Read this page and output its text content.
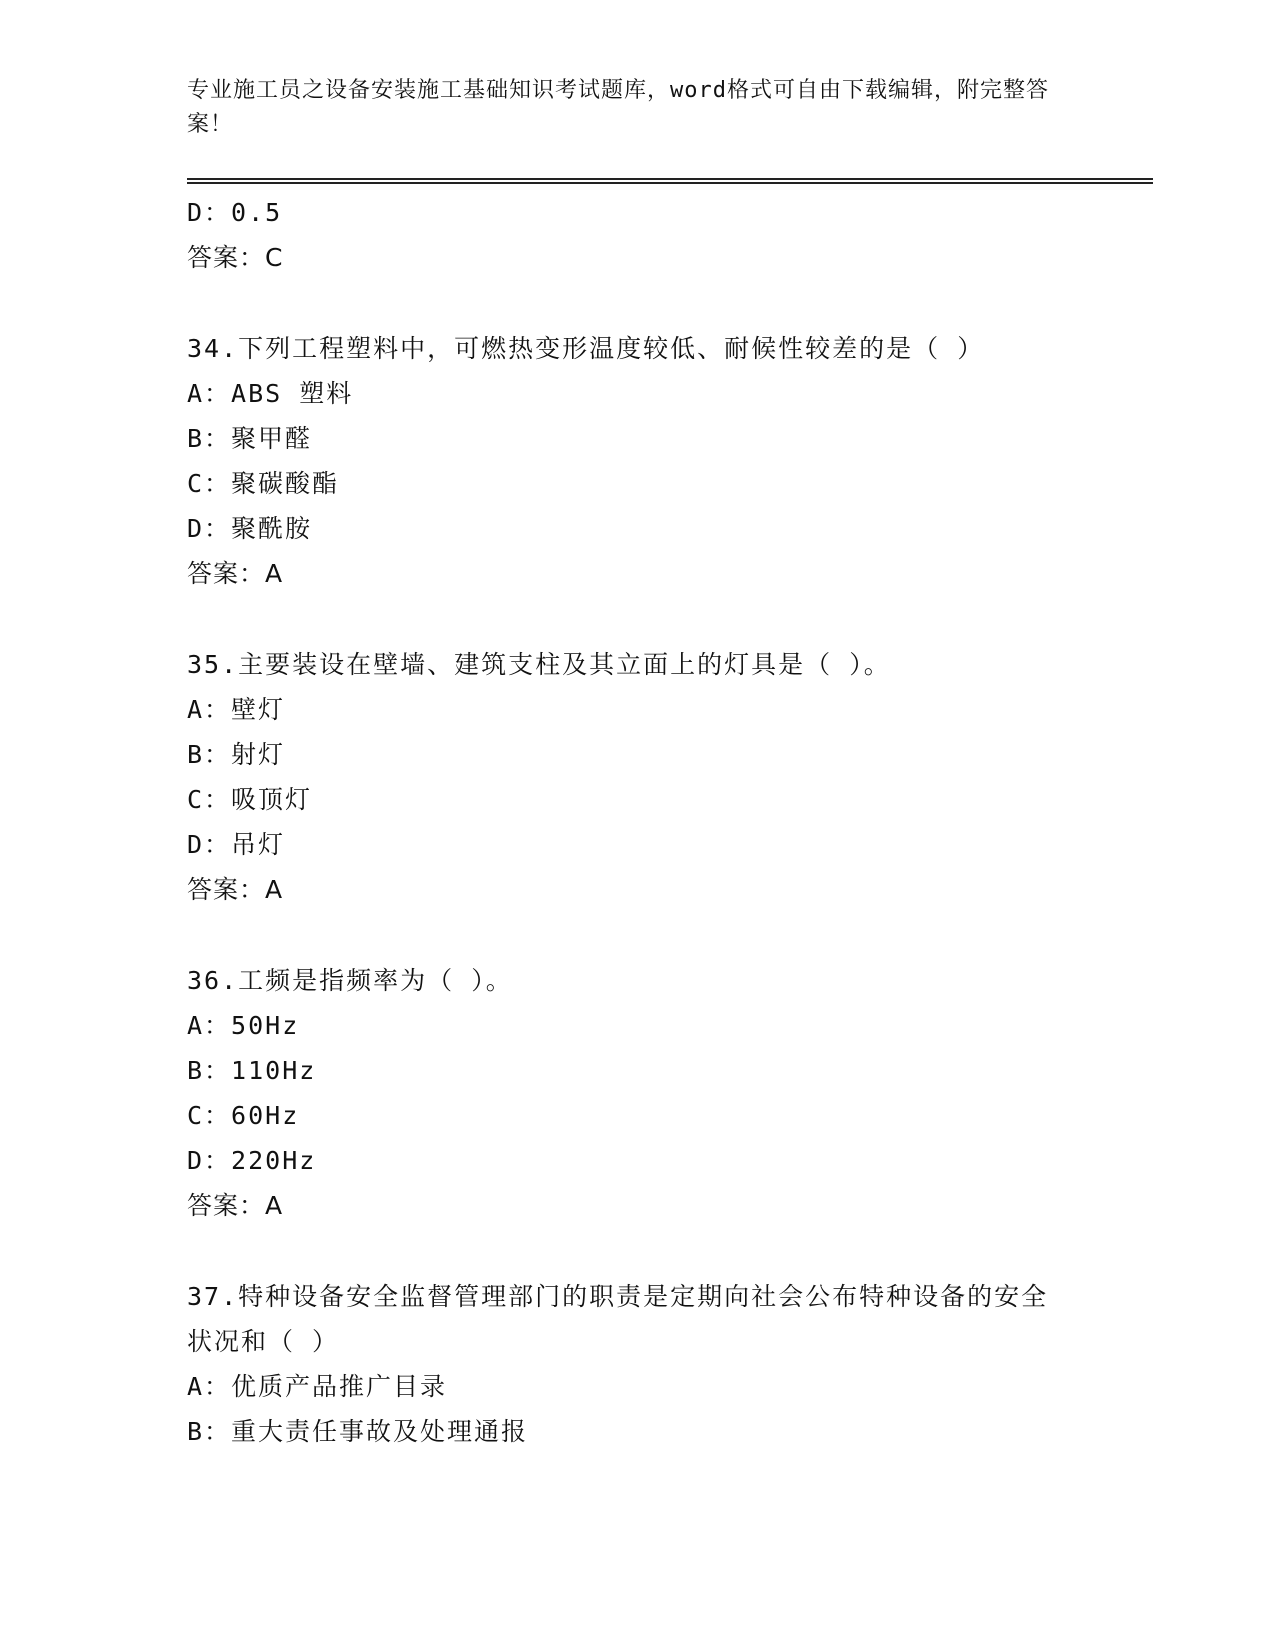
专业施工员之设备安装施工基础知识考试题库，word格式可自由下载编辑，附完整答案！
D：0.5
答案：C
34.下列工程塑料中，可燃热变形温度较低、耐候性较差的是（ ）
A：ABS 塑料
B：聚甲醛
C：聚碳酸酯
D：聚酰胺
答案：A
35.主要装设在壁墙、建筑支柱及其立面上的灯具是（ ）。
A：壁灯
B：射灯
C：吸顶灯
D：吊灯
答案：A
36.工频是指频率为（ ）。
A：50Hz
B：110Hz
C：60Hz
D：220Hz
答案：A
37.特种设备安全监督管理部门的职责是定期向社会公布特种设备的安全状况和（ ）
A：优质产品推广目录
B：重大责任事故及处理通报
